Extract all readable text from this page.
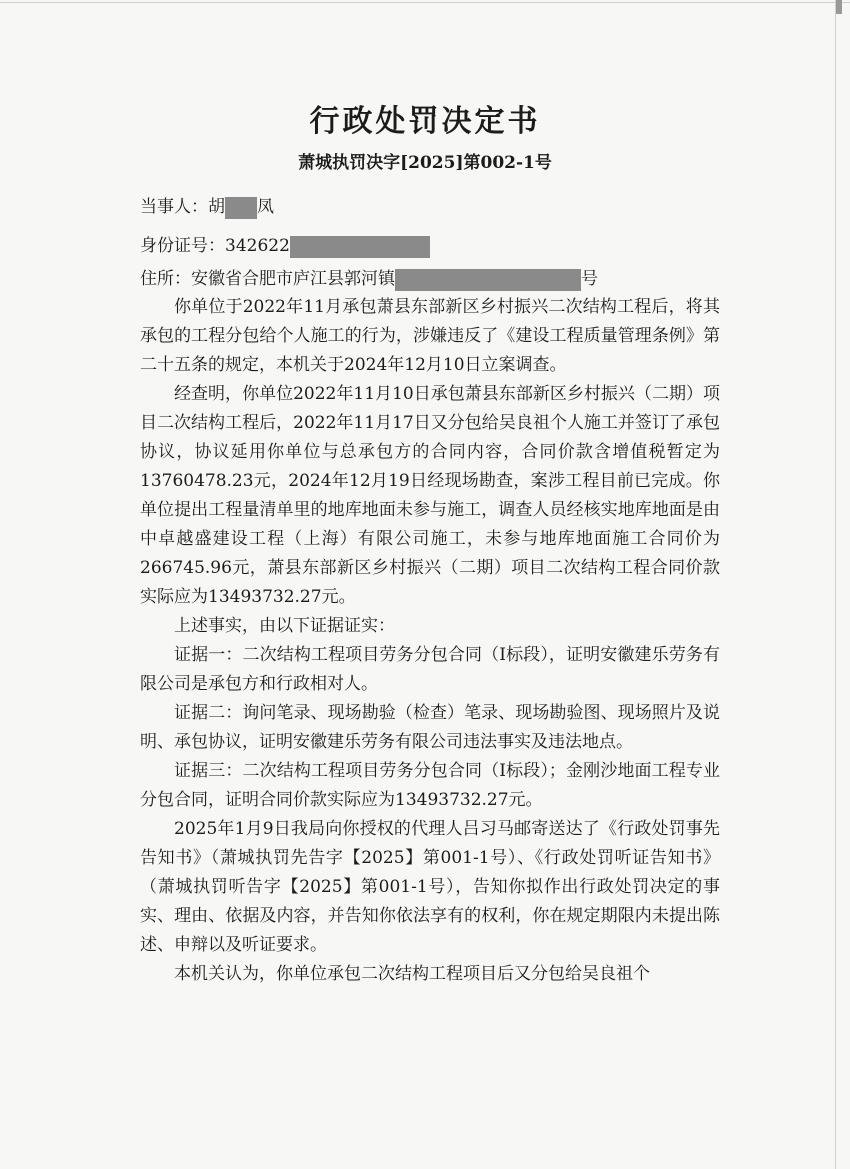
行政处罚决定书
萧城执罚决字[2025]第002-1号
当事人：胡 凤
身份证号：342622
住所：安徽省合肥市庐江县郭河镇	号

你单位于2022年11月承包萧县东部新区乡村振兴二次结构工程后，将其承包的工程分包给个人施工的行为，涉嫌违反了《建设工程质量管理条例》第二十五条的规定，本机关于2024年12月10日立案调查。

经查明，你单位2022年11月10日承包萧县东部新区乡村振兴（二期）项目二次结构工程后，2022年11月17日又分包给吴良祖个人施工并签订了承包协议，协议延用你单位与总承包方的合同内容，合同价款含增值税暂定为13760478.23元，2024年12月19日经现场勘查，案涉工程目前已完成。你单位提出工程量清单里的地库地面未参与施工，调查人员经核实地库地面是由中卓越盛建设工程（上海）有限公司施工，未参与地库地面施工合同价为266745.96元，萧县东部新区乡村振兴（二期）项目二次结构工程合同价款实际应为13493732.27元。

上述事实，由以下证据证实：

证据一：二次结构工程项目劳务分包合同（Ⅰ标段），证明安徽建乐劳务有限公司是承包方和行政相对人。

证据二：询问笔录、现场勘验（检查）笔录、现场勘验图、现场照片及说明、承包协议，证明安徽建乐劳务有限公司违法事实及违法地点。

证据三：二次结构工程项目劳务分包合同（Ⅰ标段）；金刚沙地面工程专业分包合同，证明合同价款实际应为13493732.27元。

2025年1月9日我局向你授权的代理人吕习马邮寄送达了《行政处罚事先告知书》（萧城执罚先告字【2025】第001-1号）、《行政处罚听证告知书》（萧城执罚听告字【2025】第001-1号），告知你拟作出行政处罚决定的事实、理由、依据及内容，并告知你依法享有的权利，你在规定期限内未提出陈述、申辩以及听证要求。

本机关认为，你单位承包二次结构工程项目后又分包给吴良祖个
